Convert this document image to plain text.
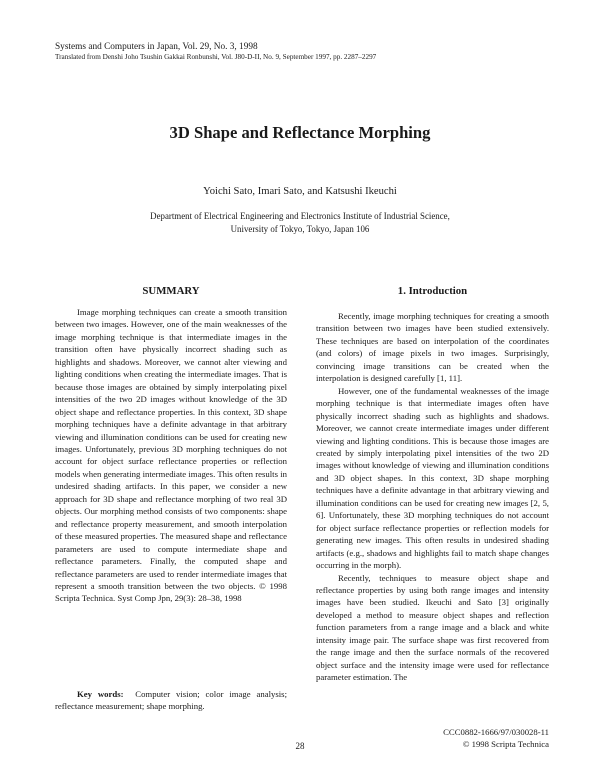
Systems and Computers in Japan, Vol. 29, No. 3, 1998

Translated from Denshi Joho Tsushin Gakkai Ronbunshi, Vol. J80-D-II, No. 9, September 1997, pp. 2287–2297

3D Shape and Reflectance Morphing

Yoichi Sato, Imari Sato, and Katsushi Ikeuchi

Department of Electrical Engineering and Electronics Institute of Industrial Science,

University of Tokyo, Tokyo, Japan 106

SUMMARY

Image morphing techniques can create a smooth transition between two images. However, one of the main weaknesses of the image morphing technique is that intermediate images in the transition often have physically incorrect shading such as highlights and shadows. Moreover, we cannot alter viewing and lighting conditions when creating the intermediate images. That is because those images are obtained by simply interpolating pixel intensities of the two 2D images without knowledge of the 3D object shape and reflectance properties. In this context, 3D shape morphing techniques have a definite advantage in that arbitrary viewing and illumination conditions can be used for creating new images. Unfortunately, previous 3D morphing techniques do not account for object surface reflectance properties or reflection models when generating intermediate images. This often results in undesired shading artifacts. In this paper, we consider a new approach for 3D shape and reflectance morphing of two real 3D objects. Our morphing method consists of two components: shape and reflectance property measurement, and smooth interpolation of these measured properties. The measured shape and reflectance parameters are used to compute intermediate shape and reflectance parameters. Finally, the computed shape and reflectance parameters are used to render intermediate images that represent a smooth transition between the two objects. © 1998 Scripta Technica. Syst Comp Jpn, 29(3): 28–38, 1998

Key words: Computer vision; color image analysis; reflectance measurement; shape morphing.

1. Introduction

Recently, image morphing techniques for creating a smooth transition between two images have been studied extensively. These techniques are based on interpolation of the coordinates (and colors) of image pixels in two images. Surprisingly, convincing image transitions can be created when the interpolation is designed carefully [1, 11].

However, one of the fundamental weaknesses of the image morphing technique is that intermediate images often have physically incorrect shading such as highlights and shadows. Moreover, we cannot create intermediate images under different viewing and lighting conditions. This is because those images are created by simply interpolating pixel intensities of the two 2D images without knowledge of viewing and illumination conditions and 3D object shapes. In this context, 3D shape morphing techniques have a definite advantage in that arbitrary viewing and illumination conditions can be used for creating new images [2, 5, 6]. Unfortunately, these 3D morphing techniques do not account for object surface reflectance properties or reflection models for generating new images. This often results in undesired shading artifacts (e.g., shadows and highlights fail to match shape changes occurring in the morph).

Recently, techniques to measure object shape and reflectance properties by using both range images and intensity images have been studied. Ikeuchi and Sato [3] originally developed a method to measure object shapes and reflection function parameters from a range image and a black and white intensity image pair. The surface shape was first recovered from the range image and then the surface normals of the recovered object surface and the intensity image were used for reflectance parameter estimation. The

CCC0882-1666/97/030028-11

© 1998 Scripta Technica

28
